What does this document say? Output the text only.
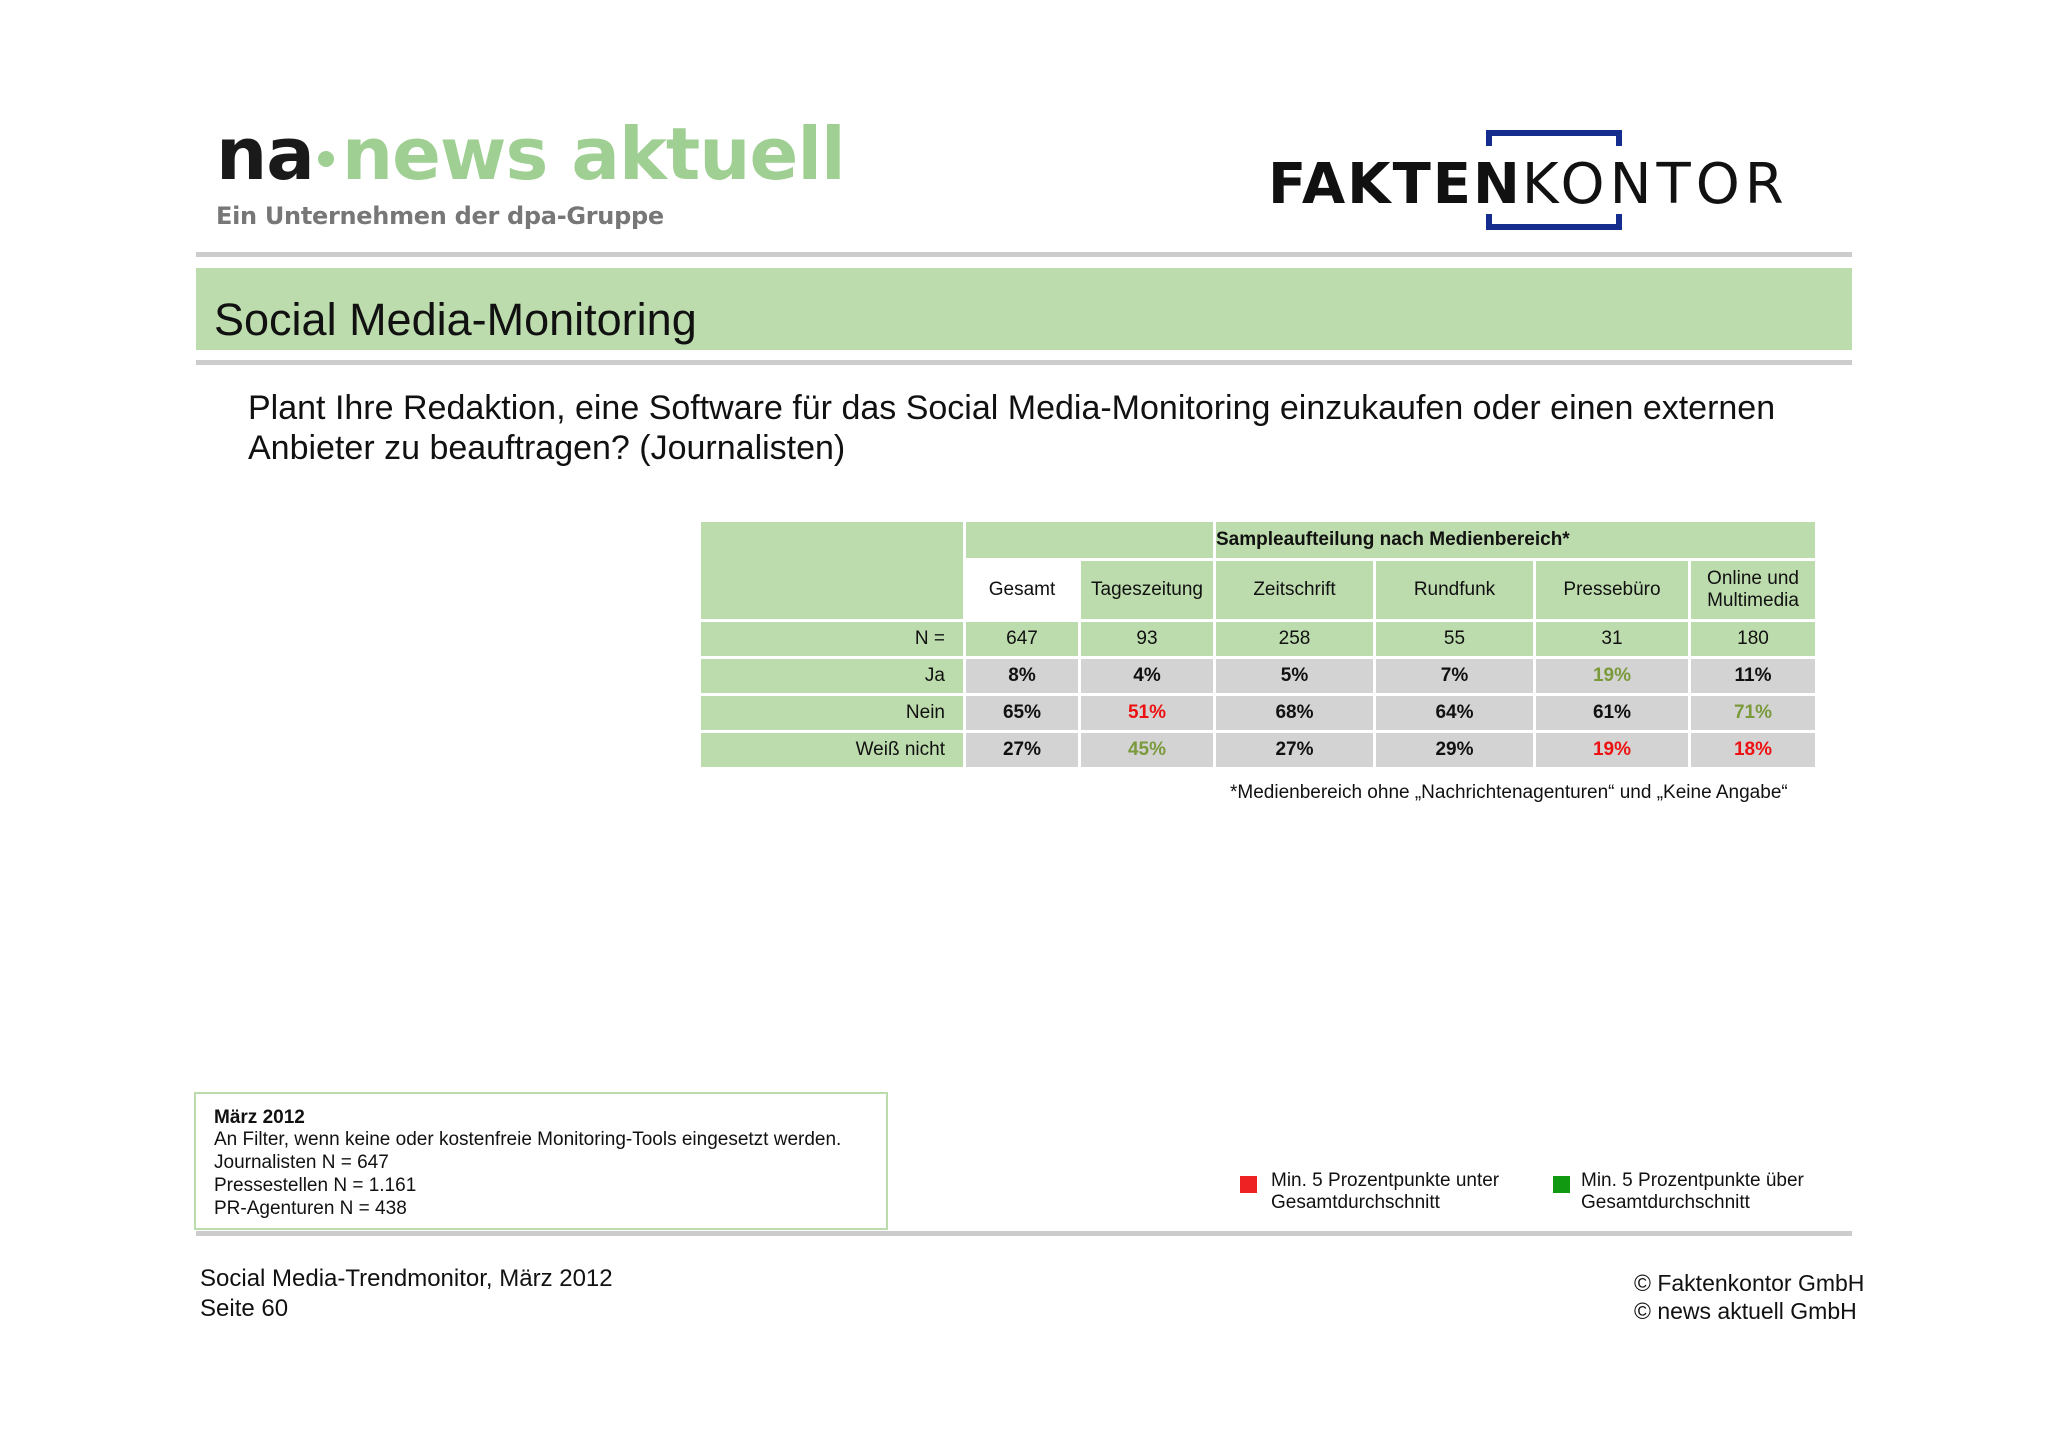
na news aktuell
Ein Unternehmen der dpa-Gruppe	FAKTENKONTOR
Social Media-Monitoring
Plant Ihre Redaktion, eine Software für das Social Media-Monitoring einzukaufen oder einen externen
Anbieter zu beauftragen? (Journalisten)
			Sampleaufteilung nach Medienbereich*			
	Gesamt	Tageszeitung	Zeitschrift	Rundfunk	Pressebüro	Online und
Multimedia
N =	647	93	258	55	31	180
Ja	8%	4%	5%	7%	19%	11%
Nein	65%	51%	68%	64%	61%	71%
Weiß nicht	27%	45%	27%	29%	19%	18%
*Medienbereich ohne „Nachrichtenagenturen“ und „Keine Angabe“
März 2012
An Filter, wenn keine oder kostenfreie Monitoring-Tools eingesetzt werden.
Journalisten N = 647
Pressestellen N = 1.161
PR-Agenturen N = 438
Min. 5 Prozentpunkte unter
Gesamtdurchschnitt
Min. 5 Prozentpunkte über
Gesamtdurchschnitt
Social Media-Trendmonitor, März 2012
Seite 60
© Faktenkontor GmbH
© news aktuell GmbH
